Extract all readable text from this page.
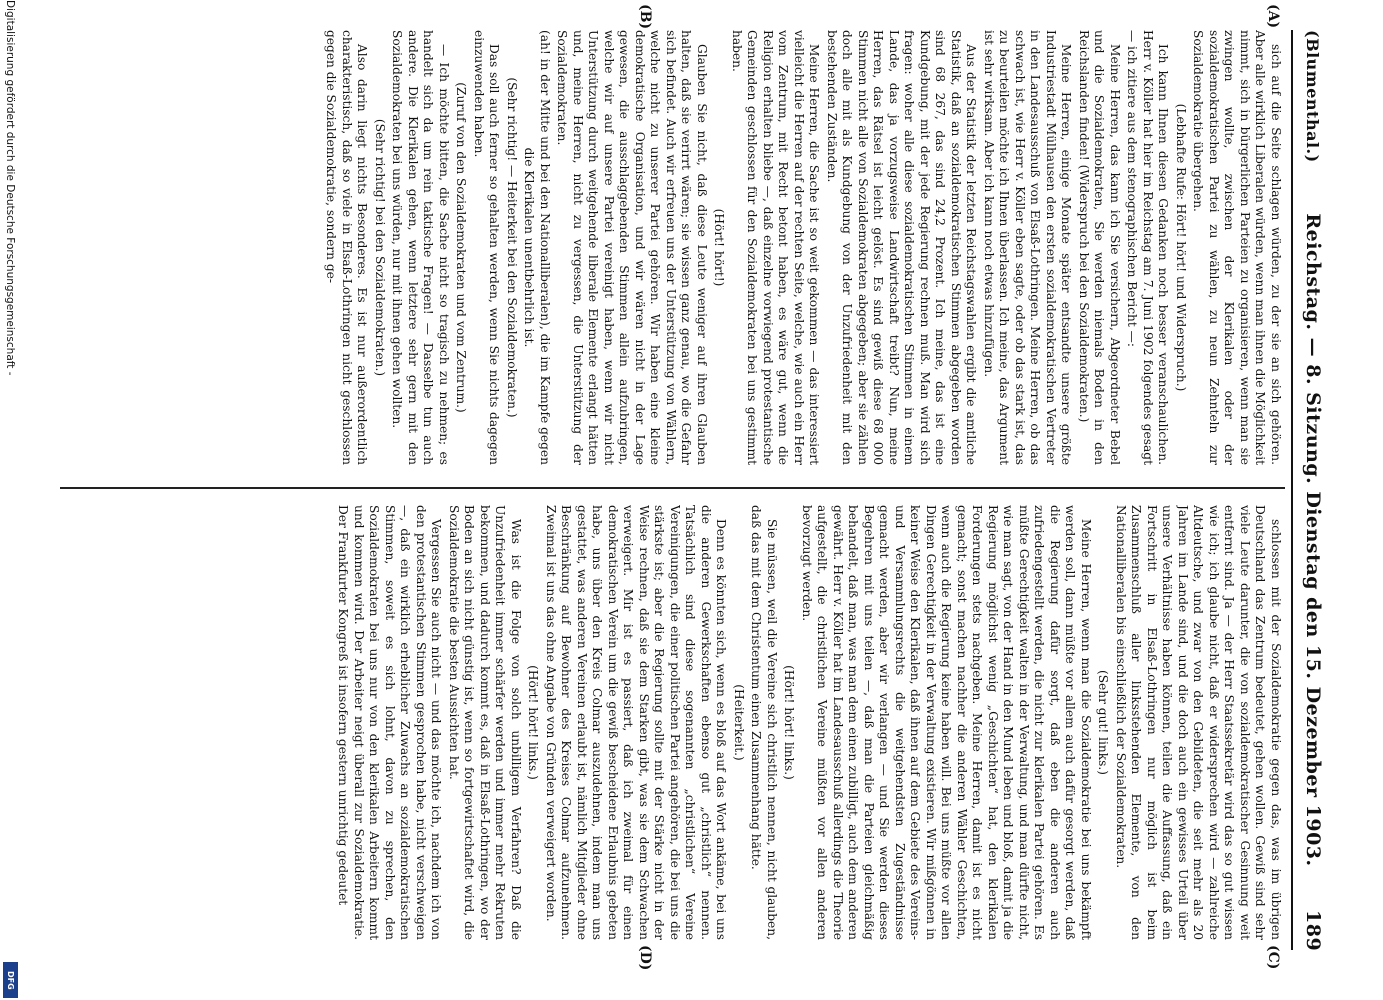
Digitalisierung gefördert durch die Deutsche Forschungsgemeinschaft -
DFG
(Blumenthal.)
Reichstag. — 8. Sitzung. Dienstag den 15. Dezember 1903.
189
(A)
(B)
(C)
(D)

sich auf die Seite schlagen würden, zu der sie an sich gehören. Aber alle wirklich Liberalen würden, wenn man ihnen die Möglichkeit nimmt, sich in bürgerlichen Parteien zu organisieren, wenn man sie zwingen wollte, zwischen der Klerikalen oder der sozialdemokratischen Partei zu wählen, zu neun Zehnteln zur Sozialdemokratie übergehen.

(Lebhafte Rufe: Hört! hört! und Widerspruch.)

Ich kann Ihnen diesen Gedanken noch besser veranschaulichen. Herr v. Köller hat hier im Reichstag am 7. Juni 1902 folgendes gesagt — ich zitiere aus dem stenographischen Bericht —:

Meine Herren, das kann ich Sie versichern, Abgeordneter Bebel und die Sozialdemokraten, Sie werden niemals Boden in den Reichslanden finden! (Widerspruch bei den Sozialdemokraten.)

Meine Herren, einige Monate später entsandte unsere größte Industriestadt Mülhausen den ersten sozialdemokratischen Vertreter in den Landesausschuß von Elsaß-Lothringen. Meine Herren, ob das schwach ist, wie Herr v. Köller eben sagte, oder ob das stark ist, das zu beurteilen möchte ich Ihnen überlassen. Ich meine, das Argument ist sehr wirksam. Aber ich kann noch etwas hinzufügen.

Aus der Statistik der letzten Reichstagswahlen ergibt die amtliche Statistik, daß an sozialdemokratischen Stimmen abgegeben worden sind 68 267, das sind 24,2 Prozent. Ich meine, das ist eine Kundgebung, mit der jede Regierung rechnen muß. Man wird sich fragen: woher alle diese sozialdemokratischen Stimmen in einem Lande, das ja vorzugsweise Landwirtschaft treibt? Nun, meine Herren, das Rätsel ist leicht gelöst. Es sind gewiß diese 68 000 Stimmen nicht alle von Sozialdemokraten abgegeben; aber sie zählen doch alle mit als Kundgebung von der Unzufriedenheit mit den bestehenden Zuständen.

Meine Herren, die Sache ist so weit gekommen — das interessiert vielleicht die Herren auf der rechten Seite, welche, wie auch ein Herr vom Zentrum, mit Recht betont haben, es wäre gut, wenn die Religion erhalten bliebe —, daß einzelne vorwiegend protestantische Gemeinden geschlossen für den Sozialdemokraten bei uns gestimmt haben.

(Hört! hört!)

Glauben Sie nicht, daß diese Leute weniger auf ihren Glauben halten, daß sie verirrt wären; sie wissen ganz genau, wo die Gefahr sich befindet. Auch wir erfreuen uns der Unterstützung von Wählern, welche nicht zu unserer Partei gehören. Wir haben eine kleine demokratische Organisation, und wir wären nicht in der Lage gewesen, die ausschlaggebenden Stimmen allein aufzubringen, welche wir auf unsere Partei vereinigt haben, wenn wir nicht Unterstützung durch weitgehende liberale Elemente erlangt hätten und, meine Herren, nicht zu vergessen, die Unterstützung der Sozialdemokraten.

(ah! in der Mitte und bei den Nationalliberalen), die im Kampfe gegen die Klerikalen unentbehrlich ist.

(Sehr richtig! — Heiterkeit bei den Sozialdemokraten.)

Das soll auch ferner so gehalten werden, wenn Sie nichts dagegen einzuwenden haben.

(Zuruf von den Sozialdemokraten und vom Zentrum.)

— Ich möchte bitten, die Sache nicht so tragisch zu nehmen; es handelt sich da um rein taktische Fragen! — Dasselbe tun auch andere. Die Klerikalen gehen, wenn letztere sehr gern mit den Sozialdemokraten bei uns würden, nur mit ihnen gehen wollten.

(Sehr richtig! bei den Sozialdemokraten.)

Also darin liegt nichts Besonderes. Es ist nur außerordentlich charakteristisch, daß so viele in Elsaß-Lothringen nicht geschlossen gegen die Sozialdemokratie, sondern ge-

schlossen mit der Sozialdemokratie gegen das, was im übrigen Deutschland das Zentrum bedeutet, gehen wollen. Gewiß sind sehr viele Leute darunter, die von sozialdemokratischer Gesinnung weit entfernt sind. Ja — der Herr Staatssekretär wird das so gut wissen wie ich; ich glaube nicht, daß er widersprechen wird — zahlreiche Altdeutsche, und zwar von den Gebildeten, die seit mehr als 20 Jahren im Lande sind, und die doch auch ein gewisses Urteil über unsere Verhältnisse haben können, teilen die Auffassung, daß ein Fortschritt in Elsaß-Lothringen nur möglich ist beim Zusammenschluß aller linksstehenden Elemente, von den Nationalliberalen bis einschließlich der Sozialdemokraten.

(Sehr gut! links.)

Meine Herren, wenn man die Sozialdemokratie bei uns bekämpft werden soll, dann müßte vor allem auch dafür gesorgt werden, daß die Regierung dafür sorgt, daß eben die anderen auch zufriedengestellt werden, die nicht zur klerikalen Partei gehören. Es müßte Gerechtigkeit walten in der Verwaltung, und man dürfte nicht, wie man sagt, von der Hand in den Mund leben und bloß, damit ja die Regierung möglichst wenig „Geschichten“ hat, den klerikalen Forderungen stets nachgeben. Meine Herren, damit ist es nicht gemacht; sonst machen nachher die anderen Wähler Geschichten, wenn auch die Regierung keine haben will. Bei uns müßte vor allen Dingen Gerechtigkeit in der Verwaltung existieren. Wir mißgönnen in keiner Weise den Klerikalen, daß ihnen auf dem Gebiete des Vereins- und Versammlungsrechts die weitgehendsten Zugeständnisse gemacht werden, aber wir verlangen — und Sie werden dieses Begehren mit uns teilen —, daß man die Parteien gleichmäßig behandelt, daß man, was man dem einen zubilligt, auch dem anderen gewährt. Herr v. Köller hat im Landesausschuß allerdings die Theorie aufgestellt, die christlichen Vereine müßten vor allen anderen bevorzugt werden.

(Hört! hört! links.)

Sie müssen, weil die Vereine sich christlich nennen, nicht glauben, daß das mit dem Christentum einen Zusammenhang hätte.

(Heiterkeit.)

Denn es könnten sich, wenn es bloß auf das Wort ankäme, bei uns die anderen Gewerkschaften ebenso gut „christlich“ nennen. Tatsächlich sind diese sogenannten „christlichen“ Vereine Vereinigungen, die einer politischen Partei angehören, die bei uns die stärkste ist; aber die Regierung sollte mit der Stärke nicht in der Weise rechnen, daß sie dem Starken gibt, was sie dem Schwachen verweigert. Mir ist es passiert, daß ich zweimal für einen demokratischen Verein um die gewiß bescheidene Erlaubnis gebeten habe, uns über den Kreis Colmar auszudehnen, indem man uns gestattet, was anderen Vereinen erlaubt ist, nämlich Mitglieder ohne Beschränkung auf Bewohner des Kreises Colmar aufzunehmen. Zweimal ist uns das ohne Angabe von Gründen verweigert worden.

(Hört! hört! links.)

Was ist die Folge von solch unbilligem Verfahren? Daß die Unzufriedenheit immer schärfer werden und immer mehr Rekruten bekommen, und dadurch kommt es, daß in Elsaß-Lothringen, wo der Boden an sich nicht günstig ist, wenn so fortgewirtschaftet wird, die Sozialdemokratie die besten Aussichten hat.

Vergessen Sie auch nicht — und das möchte ich, nachdem ich von den protestantischen Stimmen gesprochen habe, nicht verschweigen —, daß ein wirklich erheblicher Zuwachs an sozialdemokratischen Stimmen, soweit es sich lohnt, davon zu sprechen, den Sozialdemokraten bei uns nur von den klerikalen Arbeitern kommt und kommen wird. Der Arbeiter neigt überall zur Sozialdemokratie. Der Frankfurter Kongreß ist insofern gestern unrichtig gedeutet
